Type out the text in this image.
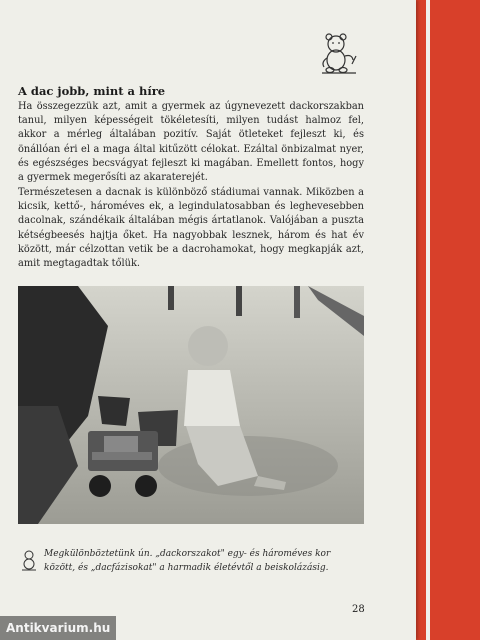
A dac jobb, mint a híre

Ha összegezzük azt, amit a gyermek az úgynevezett dackorszakban tanul, milyen képességeit tökéletesíti, milyen tudást halmoz fel, akkor a mérleg általában pozitív. Saját ötleteket fejleszt ki, és önállóan éri el a maga által kitűzött célokat. Ezáltal önbizalmat nyer, és egészséges becsvágyat fejleszt ki magában. Emellett fontos, hogy a gyermek megerősíti az akaraterejét.

Természetesen a dacnak is különböző stádiumai vannak. Miközben a kicsik, kettő-, hároméves ek, a legindulatosabban és leghevesebben dacolnak, szándékaik általában mégis ártatlanok. Valójában a puszta kétségbeesés hajtja őket. Ha nagyobbak lesznek, három és hat év között, már célzottan vetik be a dacrohamokat, hogy megkapják azt, amit megtagadtak tőlük.

Megkülönböztetünk ún. „dackorszakot" egy- és hároméves kor között, és „dacfázisokat" a harmadik életévtől a beiskolázásig.
28
Antikvarium.hu
